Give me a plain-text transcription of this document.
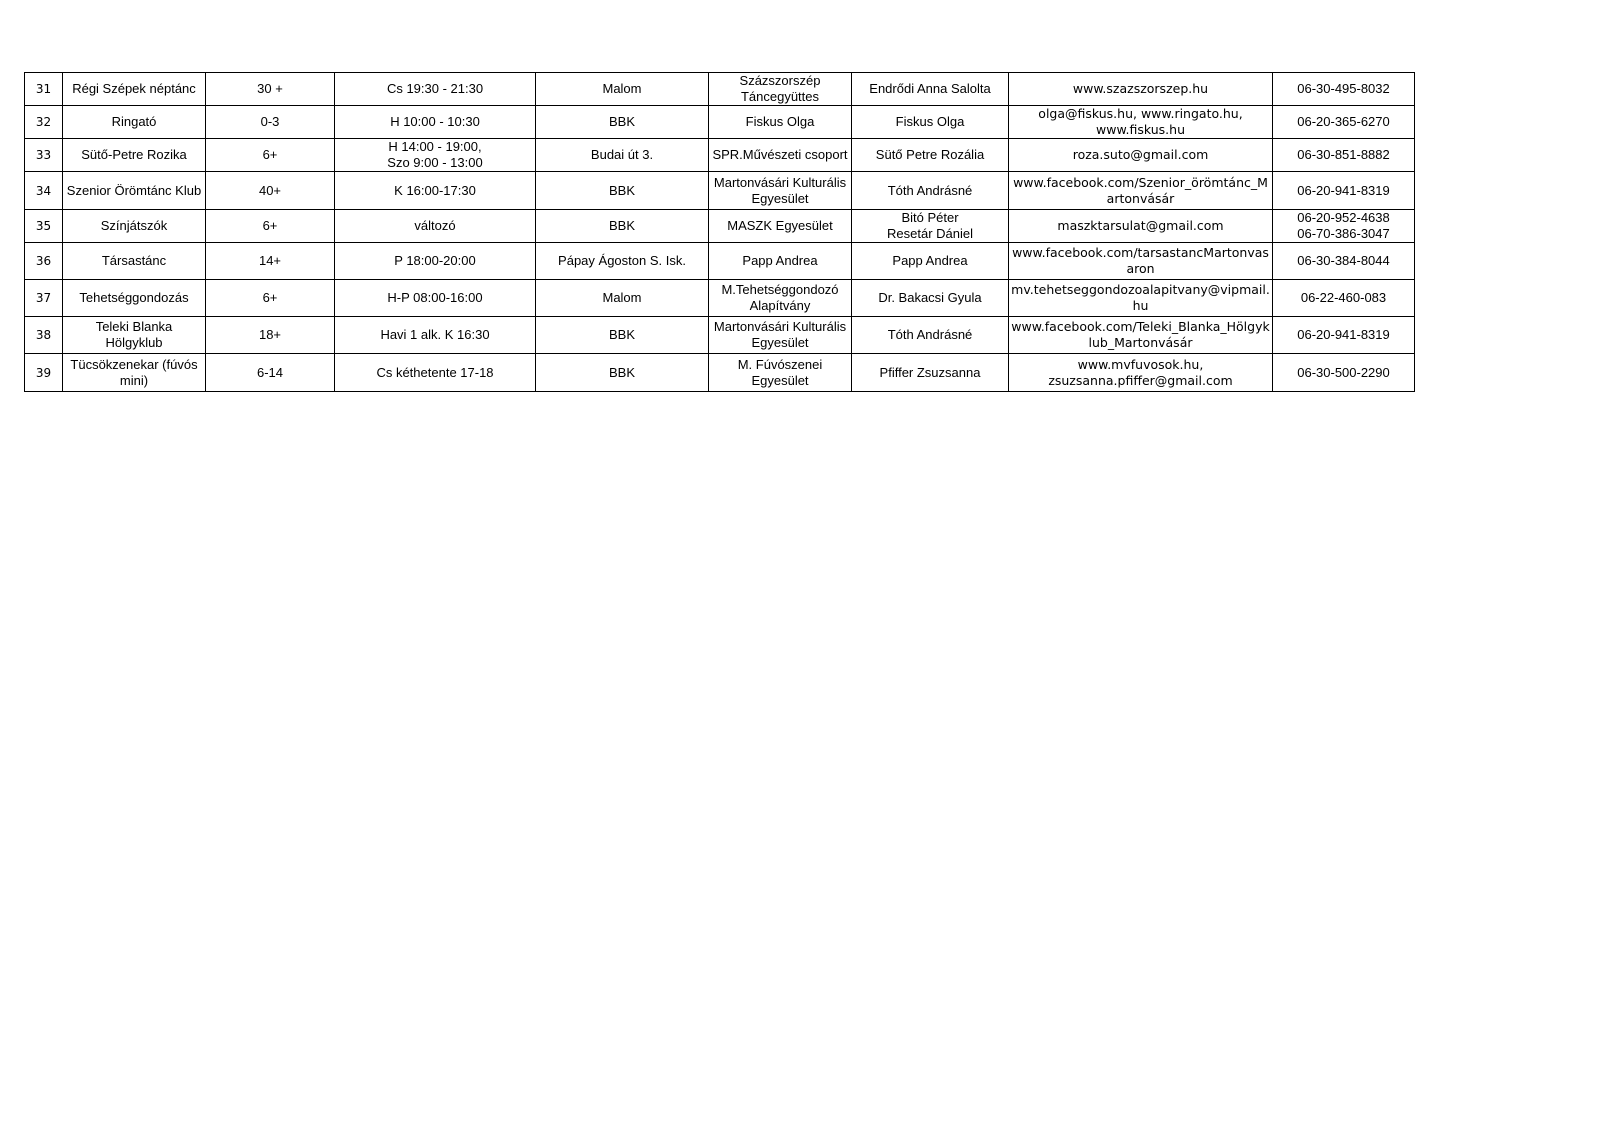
31	Régi Szépek néptánc	30 +	Cs 19:30 - 21:30	Malom	Százszorszép
Táncegyüttes	Endrődi Anna Salolta	www.szazszorszep.hu	06-30-495-8032
32	Ringató	0-3	H 10:00 - 10:30	BBK	Fiskus Olga	Fiskus Olga	olga@fiskus.hu, www.ringato.hu,
www.fiskus.hu	06-20-365-6270
33	Sütő-Petre Rozika	6+	H 14:00 - 19:00,
Szo 9:00 - 13:00	Budai út 3.	SPR.Művészeti csoport	Sütő Petre Rozália	roza.suto@gmail.com	06-30-851-8882
34	Szenior Örömtánc Klub	40+	K 16:00-17:30	BBK	Martonvásári Kulturális
Egyesület	Tóth Andrásné	www.facebook.com/Szenior_örömtánc_Martonvásár	06-20-941-8319
35	Színjátszók	6+	változó	BBK	MASZK Egyesület	Bitó Péter
Resetár Dániel	maszktarsulat@gmail.com	06-20-952-4638
06-70-386-3047
36	Társastánc	14+	P 18:00-20:00	Pápay Ágoston S. Isk.	Papp Andrea	Papp Andrea	www.facebook.com/tarsastancMartonvasaron	06-30-384-8044
37	Tehetséggondozás	6+	H-P 08:00-16:00	Malom	M.Tehetséggondozó
Alapítvány	Dr. Bakacsi Gyula	mv.tehetseggondozoalapitvany@vipmail.hu	06-22-460-083
38	Teleki Blanka
Hölgyklub	18+	Havi 1 alk. K 16:30	BBK	Martonvásári Kulturális
Egyesület	Tóth Andrásné	www.facebook.com/Teleki_Blanka_Hölgyklub_Martonvásár	06-20-941-8319
39	Tücsökzenekar (fúvós
mini)	6-14	Cs kéthetente 17-18	BBK	M. Fúvószenei
Egyesület	Pfiffer Zsuzsanna	www.mvfuvosok.hu,
zsuzsanna.pfiffer@gmail.com	06-30-500-2290
